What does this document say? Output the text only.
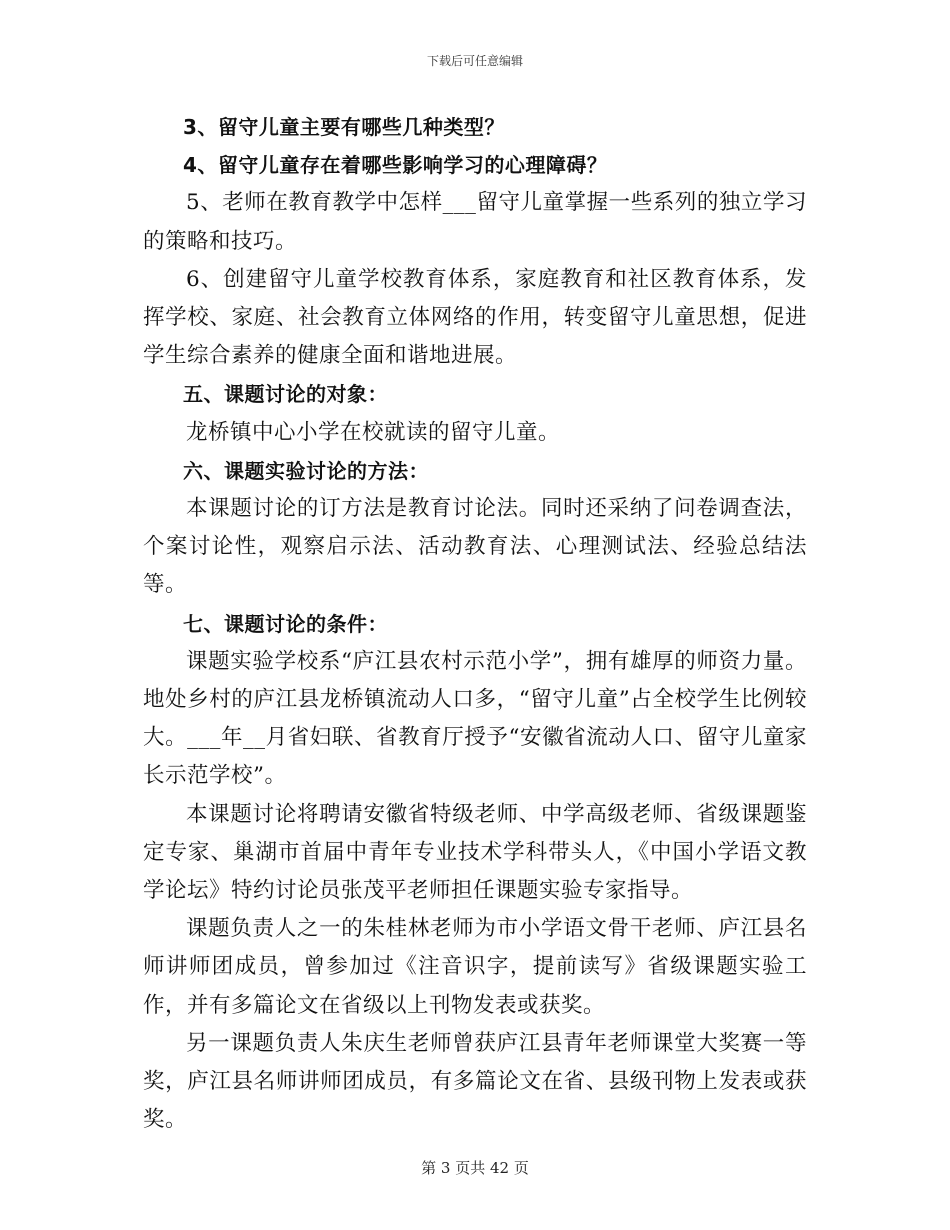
下载后可任意编辑

3、留守儿童主要有哪些几种类型？

4、留守儿童存在着哪些影响学习的心理障碍？

5、老师在教育教学中怎样___留守儿童掌握一些系列的独立学习的策略和技巧。

6、创建留守儿童学校教育体系，家庭教育和社区教育体系，发挥学校、家庭、社会教育立体网络的作用，转变留守儿童思想，促进学生综合素养的健康全面和谐地进展。

五、课题讨论的对象：

龙桥镇中心小学在校就读的留守儿童。

六、课题实验讨论的方法：

本课题讨论的订方法是教育讨论法。同时还采纳了问卷调查法，个案讨论性，观察启示法、活动教育法、心理测试法、经验总结法等。

七、课题讨论的条件：

课题实验学校系“庐江县农村示范小学”，拥有雄厚的师资力量。地处乡村的庐江县龙桥镇流动人口多，“留守儿童”占全校学生比例较大。___年__月省妇联、省教育厅授予“安徽省流动人口、留守儿童家长示范学校”。

本课题讨论将聘请安徽省特级老师、中学高级老师、省级课题鉴定专家、巢湖市首届中青年专业技术学科带头人，《中国小学语文教学论坛》特约讨论员张茂平老师担任课题实验专家指导。

课题负责人之一的朱桂林老师为市小学语文骨干老师、庐江县名师讲师团成员，曾参加过《注音识字，提前读写》省级课题实验工作，并有多篇论文在省级以上刊物发表或获奖。

另一课题负责人朱庆生老师曾获庐江县青年老师课堂大奖赛一等奖，庐江县名师讲师团成员，有多篇论文在省、县级刊物上发表或获奖。

第 3 页共 42 页
